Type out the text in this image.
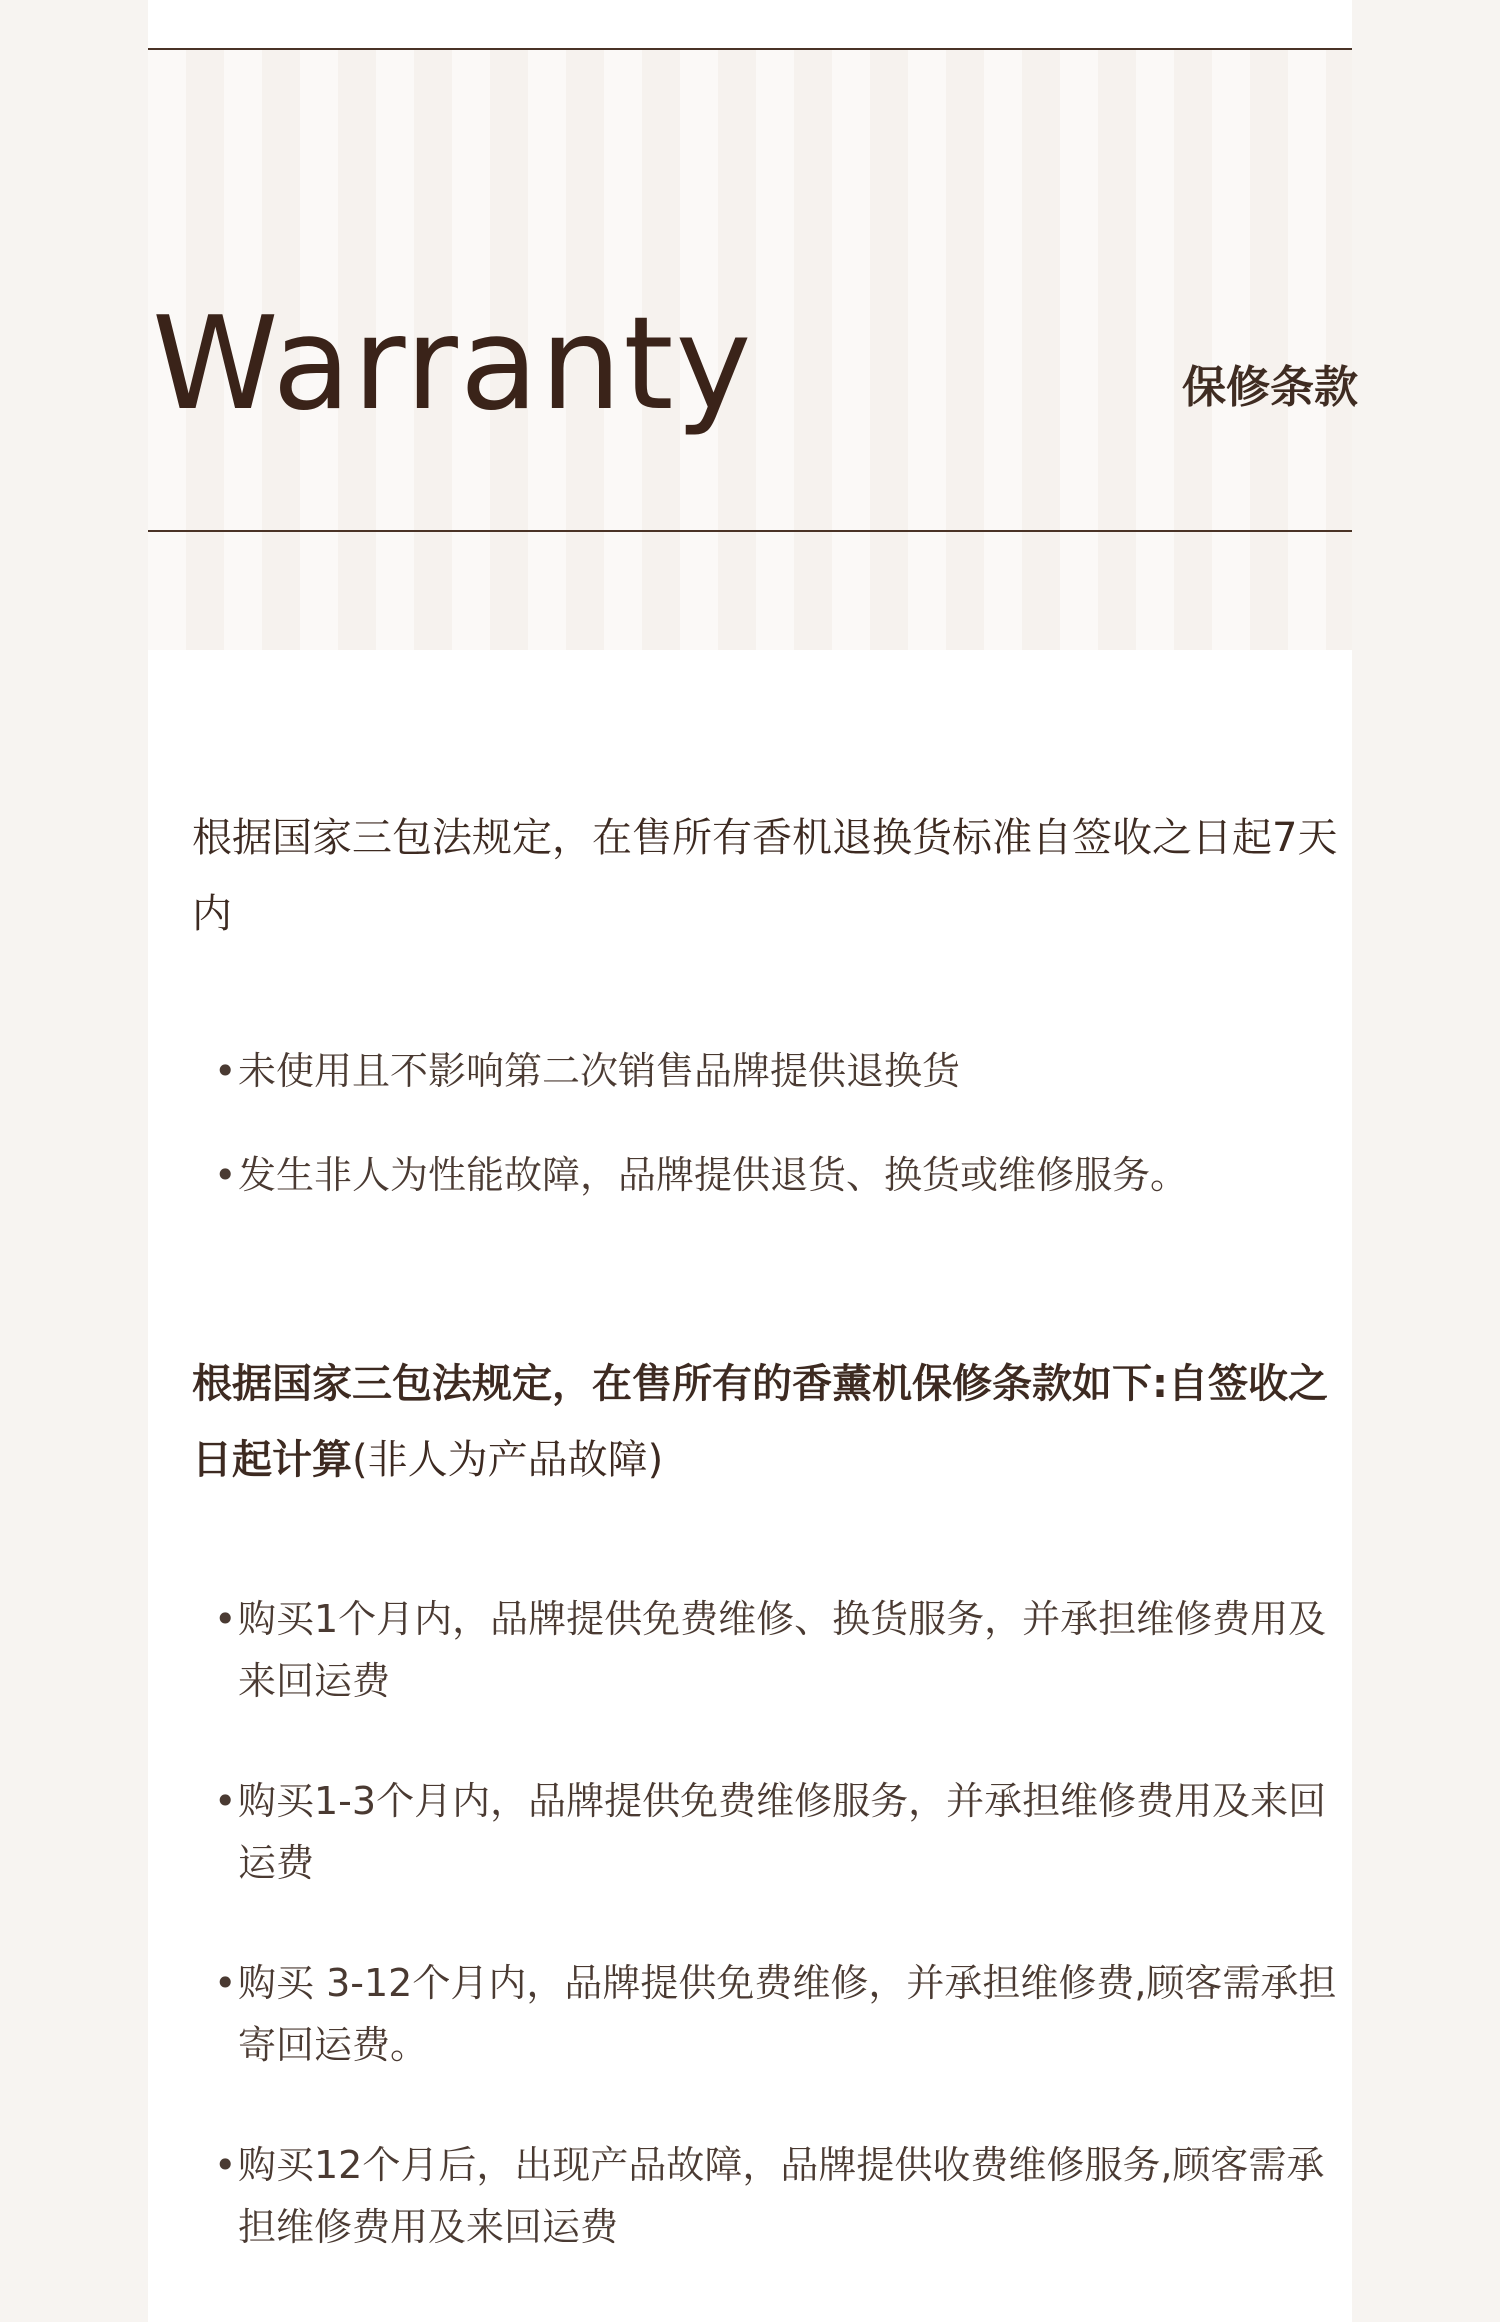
Warranty	保修条款

根据国家三包法规定，在售所有香机退换货标准自签收之日起7天内

• 未使用且不影响第二次销售品牌提供退换货
• 发生非人为性能故障，品牌提供退货、换货或维修服务。

根据国家三包法规定，在售所有的香薰机保修条款如下:自签收之日起计算(非人为产品故障)

• 购买1个月内，品牌提供免费维修、换货服务，并承担维修费用及来回运费
• 购买1-3个月内，品牌提供免费维修服务，并承担维修费用及来回运费
• 购买 3-12个月内，品牌提供免费维修，并承担维修费,顾客需承担寄回运费。
• 购买12个月后，出现产品故障，品牌提供收费维修服务,顾客需承担维修费用及来回运费
